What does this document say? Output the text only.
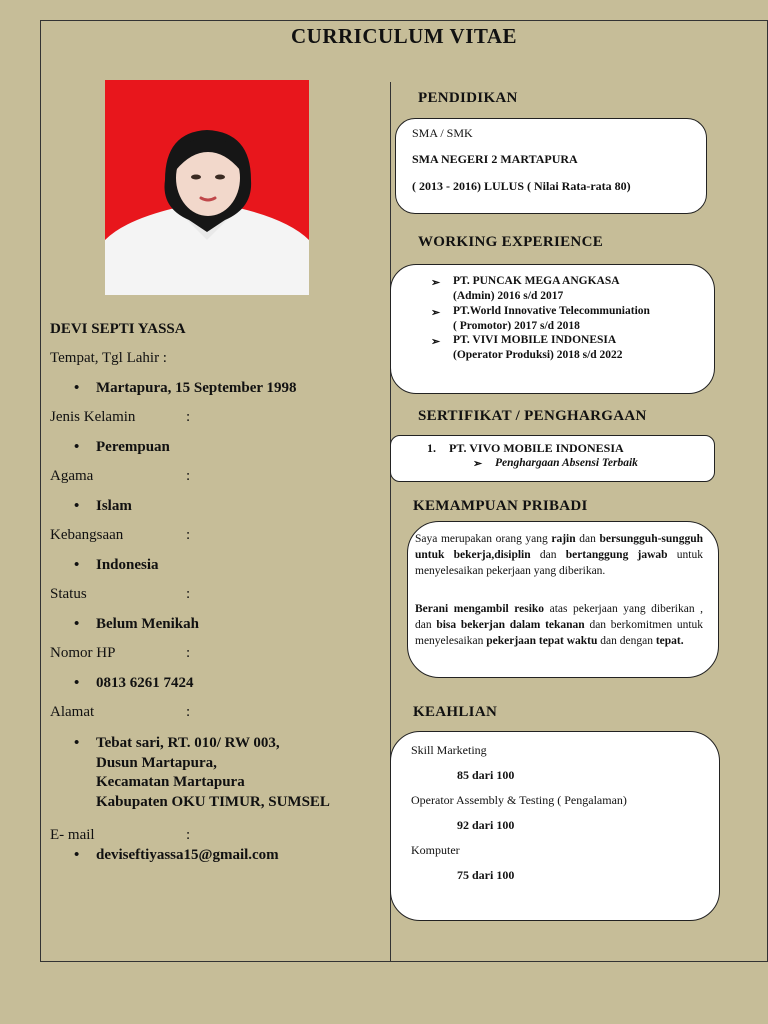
CURRICULUM VITAE
DEVI SEPTI YASSA
Tempat, Tgl Lahir :
• Martapura, 15 September 1998
Jenis Kelamin	:
• Perempuan
Agama	:
• Islam
Kebangsaan	:
• Indonesia
Status	:
• Belum Menikah
Nomor HP	:
• 0813 6261 7424
Alamat	:
• Tebat sari, RT. 010/ RW 003,
Dusun Martapura,
Kecamatan Martapura
Kabupaten OKU TIMUR, SUMSEL
E- mail	:
• deviseftiyassa15@gmail.com
PENDIDIKAN
SMA / SMK
SMA NEGERI 2 MARTAPURA
( 2013 - 2016) LULUS ( Nilai Rata-rata 80)
WORKING EXPERIENCE
➢ PT. PUNCAK MEGA ANGKASA
(Admin) 2016 s/d 2017
➢ PT.World Innovative Telecommuniation
( Promotor) 2017 s/d 2018
➢ PT. VIVI MOBILE INDONESIA
(Operator Produksi) 2018 s/d 2022
SERTIFIKAT / PENGHARGAAN
1. PT. VIVO MOBILE INDONESIA
➢ Penghargaan Absensi Terbaik
KEMAMPUAN PRIBADI
Saya merupakan orang yang rajin dan bersungguh-sungguh untuk bekerja,disiplin dan bertanggung jawab untuk menyelesaikan pekerjaan yang diberikan.
Berani mengambil resiko atas pekerjaan yang diberikan , dan bisa bekerjan dalam tekanan dan berkomitmen untuk menyelesaikan pekerjaan tepat waktu dan dengan tepat.
KEAHLIAN
Skill Marketing
85 dari 100
Operator Assembly & Testing ( Pengalaman)
92 dari 100
Komputer
75 dari 100
